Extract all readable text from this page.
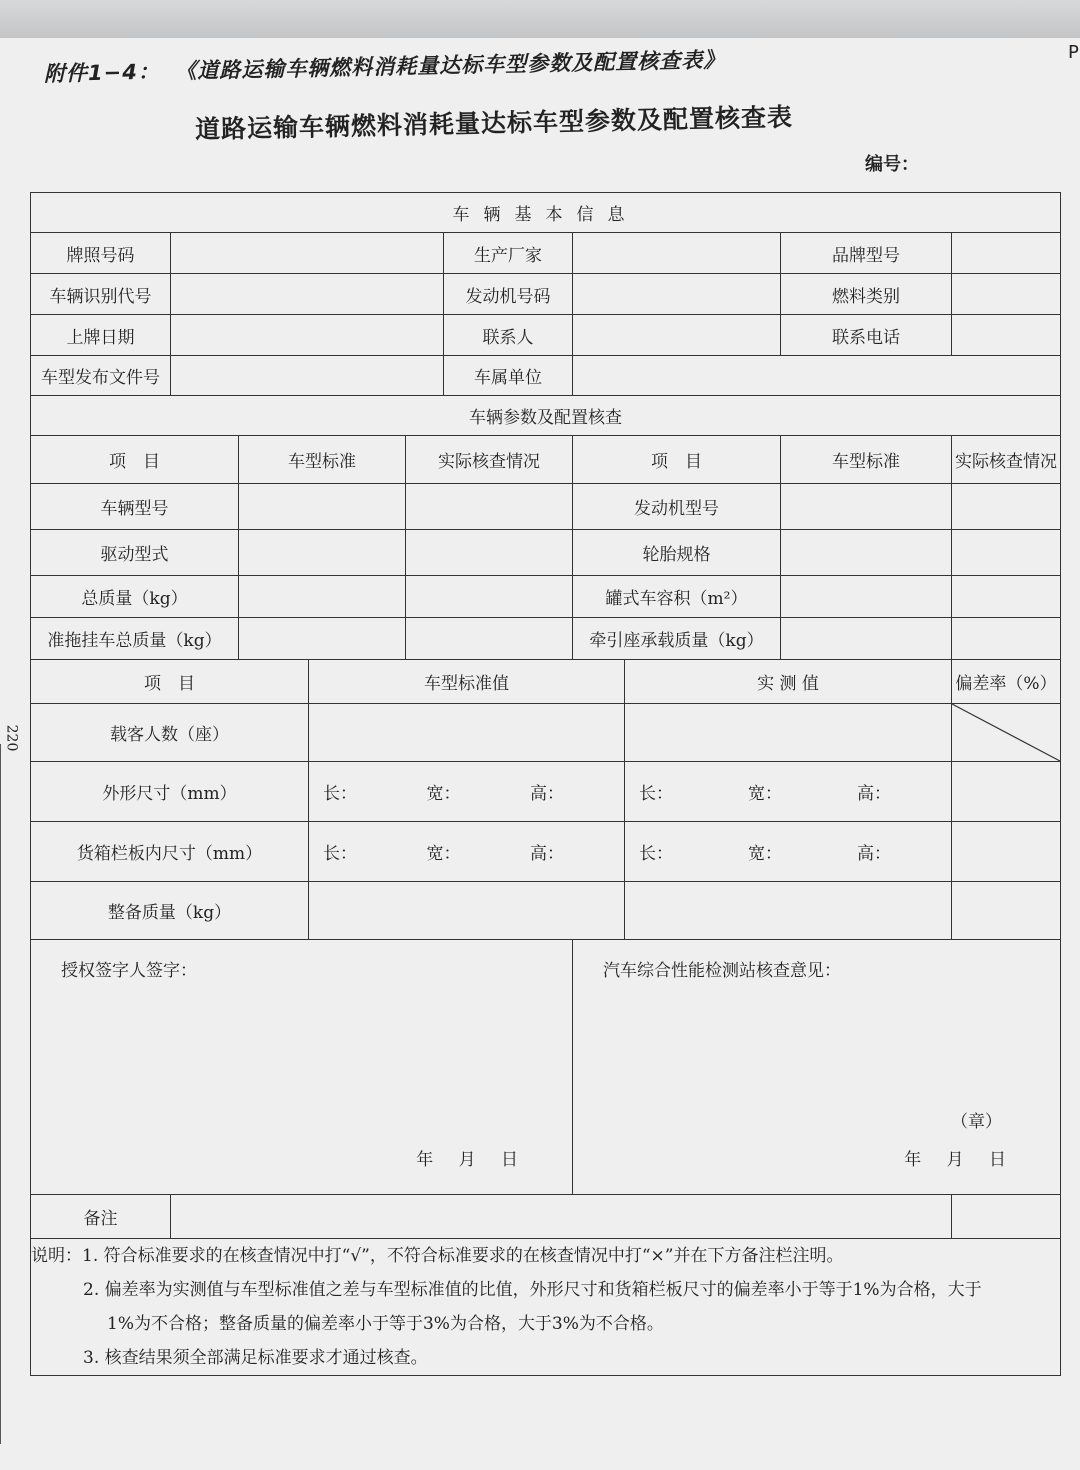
P
220
附件1−4： 《道路运输车辆燃料消耗量达标车型参数及配置核查表》
道路运输车辆燃料消耗量达标车型参数及配置核查表
编号：
车辆基本信息									
牌照号码					生产厂家			品牌型号	
车辆识别代号					发动机号码			燃料类别	
上牌日期					联系人			联系电话	
车型发布文件号					车属单位				
车辆参数及配置核查									
项　目		车型标准		实际核查情况		项　目		车型标准	实际核查情况
车辆型号						发动机型号			
驱动型式						轮胎规格			
总质量（kg）						罐式车容积（m²）			
准拖挂车总质量（kg）						牵引座承载质量（kg）			
项　目			车型标准值				实 测 值		偏差率（%）
载客人数（座）			

外形尺寸（mm）			长： 宽： 高：				长： 宽： 高：		

货箱栏板内尺寸（mm）			长： 宽： 高：				长： 宽： 高：		

整备质量（kg）									

授权签字人签字：
年 月 日						汽车综合性能检测站核查意见：
（章）
年 月 日			

备注									
说明：1. 符合标准要求的在核查情况中打“√”，不符合标准要求的在核查情况中打“×”并在下方备注栏注明。
2. 偏差率为实测值与车型标准值之差与车型标准值的比值，外形尺寸和货箱栏板尺寸的偏差率小于等于1%为合格，大于
1%为不合格；整备质量的偏差率小于等于3%为合格，大于3%为不合格。
3. 核查结果须全部满足标准要求才通过核查。									
